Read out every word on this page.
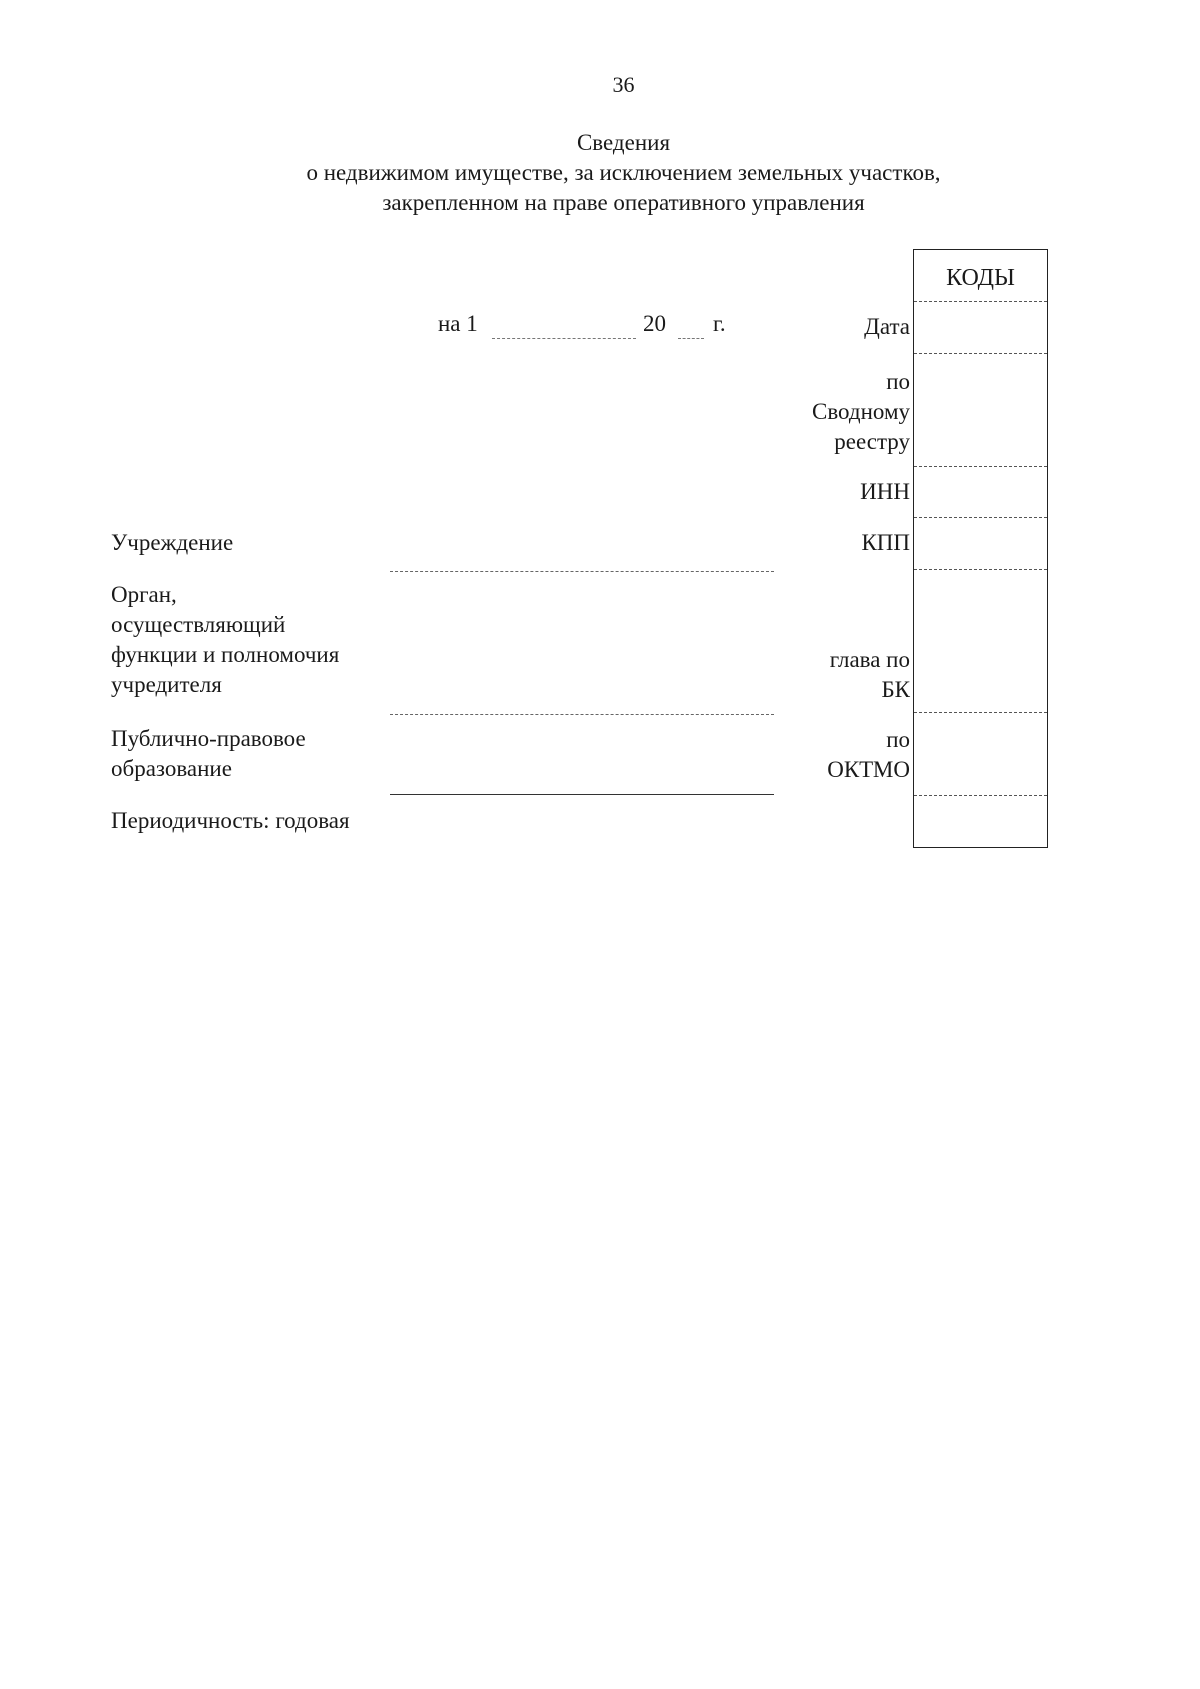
36
Сведения
о недвижимом имуществе, за исключением земельных участков,
закрепленном на праве оперативного управления
на 1	20 г.
Учреждение
Орган,
осуществляющий
функции и полномочия
учредителя
Публично-правовое
образование
Периодичность: годовая
Дата
по
Сводному
реестру
ИНН
КПП
глава по
БК
по
ОКТМО
КОДЫ
